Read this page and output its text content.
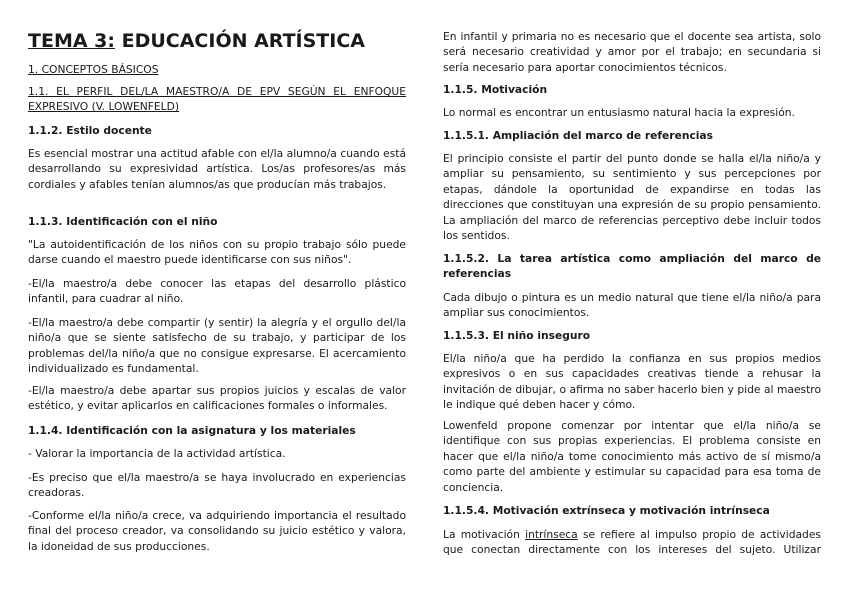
TEMA 3: EDUCACIÓN ARTÍSTICA
1. CONCEPTOS BÁSICOS
1.1. EL PERFIL DEL/LA MAESTRO/A DE EPV SEGÚN EL ENFOQUE
EXPRESIVO (V. LOWENFELD)
1.1.2. Estilo docente
Es esencial mostrar una actitud afable con el/la alumno/a cuando está desarrollando su expresividad artística. Los/as profesores/as más cordiales y afables tenían alumnos/as que producían más trabajos.
1.1.3. Identificación con el niño
"La autoidentificación de los niños con su propio trabajo sólo puede darse cuando el maestro puede identificarse con sus niños".
-El/la maestro/a debe conocer las etapas del desarrollo plástico infantil, para cuadrar al niño.
-El/la maestro/a debe compartir (y sentir) la alegría y el orgullo del/la niño/a que se siente satisfecho de su trabajo, y participar de los problemas del/la niño/a que no consigue expresarse. El acercamiento individualizado es fundamental.
-El/la maestro/a debe apartar sus propios juicios y escalas de valor estético, y evitar aplicarlos en calificaciones formales o informales.
1.1.4. Identificación con la asignatura y los materiales
- Valorar la importancia de la actividad artística.
-Es preciso que el/la maestro/a se haya involucrado en experiencias creadoras.
-Conforme el/la niño/a crece, va adquiriendo importancia el resultado final del proceso creador, va consolidando su juicio estético y valora, la idoneidad de sus producciones.
En infantil y primaria no es necesario que el docente sea artista, solo será necesario creatividad y amor por el trabajo; en secundaria si sería necesario para aportar conocimientos técnicos.
1.1.5. Motivación
Lo normal es encontrar un entusiasmo natural hacia la expresión.
1.1.5.1. Ampliación del marco de referencias
El principio consiste el partir del punto donde se halla el/la niño/a y ampliar su pensamiento, su sentimiento y sus percepciones por etapas, dándole la oportunidad de expandirse en todas las direcciones que constituyan una expresión de su propio pensamiento. La ampliación del marco de referencias perceptivo debe incluir todos los sentidos.
1.1.5.2. La tarea artística como ampliación del marco de referencias
Cada dibujo o pintura es un medio natural que tiene el/la niño/a para ampliar sus conocimientos.
1.1.5.3. El niño inseguro
El/la niño/a que ha perdido la confianza en sus propios medios expresivos o en sus capacidades creativas tiende a rehusar la invitación de dibujar, o afirma no saber hacerlo bien y pide al maestro le indique qué deben hacer y cómo.
Lowenfeld propone comenzar por intentar que el/la niño/a se identifique con sus propias experiencias. El problema consiste en hacer que el/la niño/a tome conocimiento más activo de sí mismo/a como parte del ambiente y estimular su capacidad para esa toma de conciencia.
1.1.5.4. Motivación extrínseca y motivación intrínseca
La motivación intrínseca se refiere al impulso propio de actividades
que conectan directamente con los intereses del sujeto. Utilizar
